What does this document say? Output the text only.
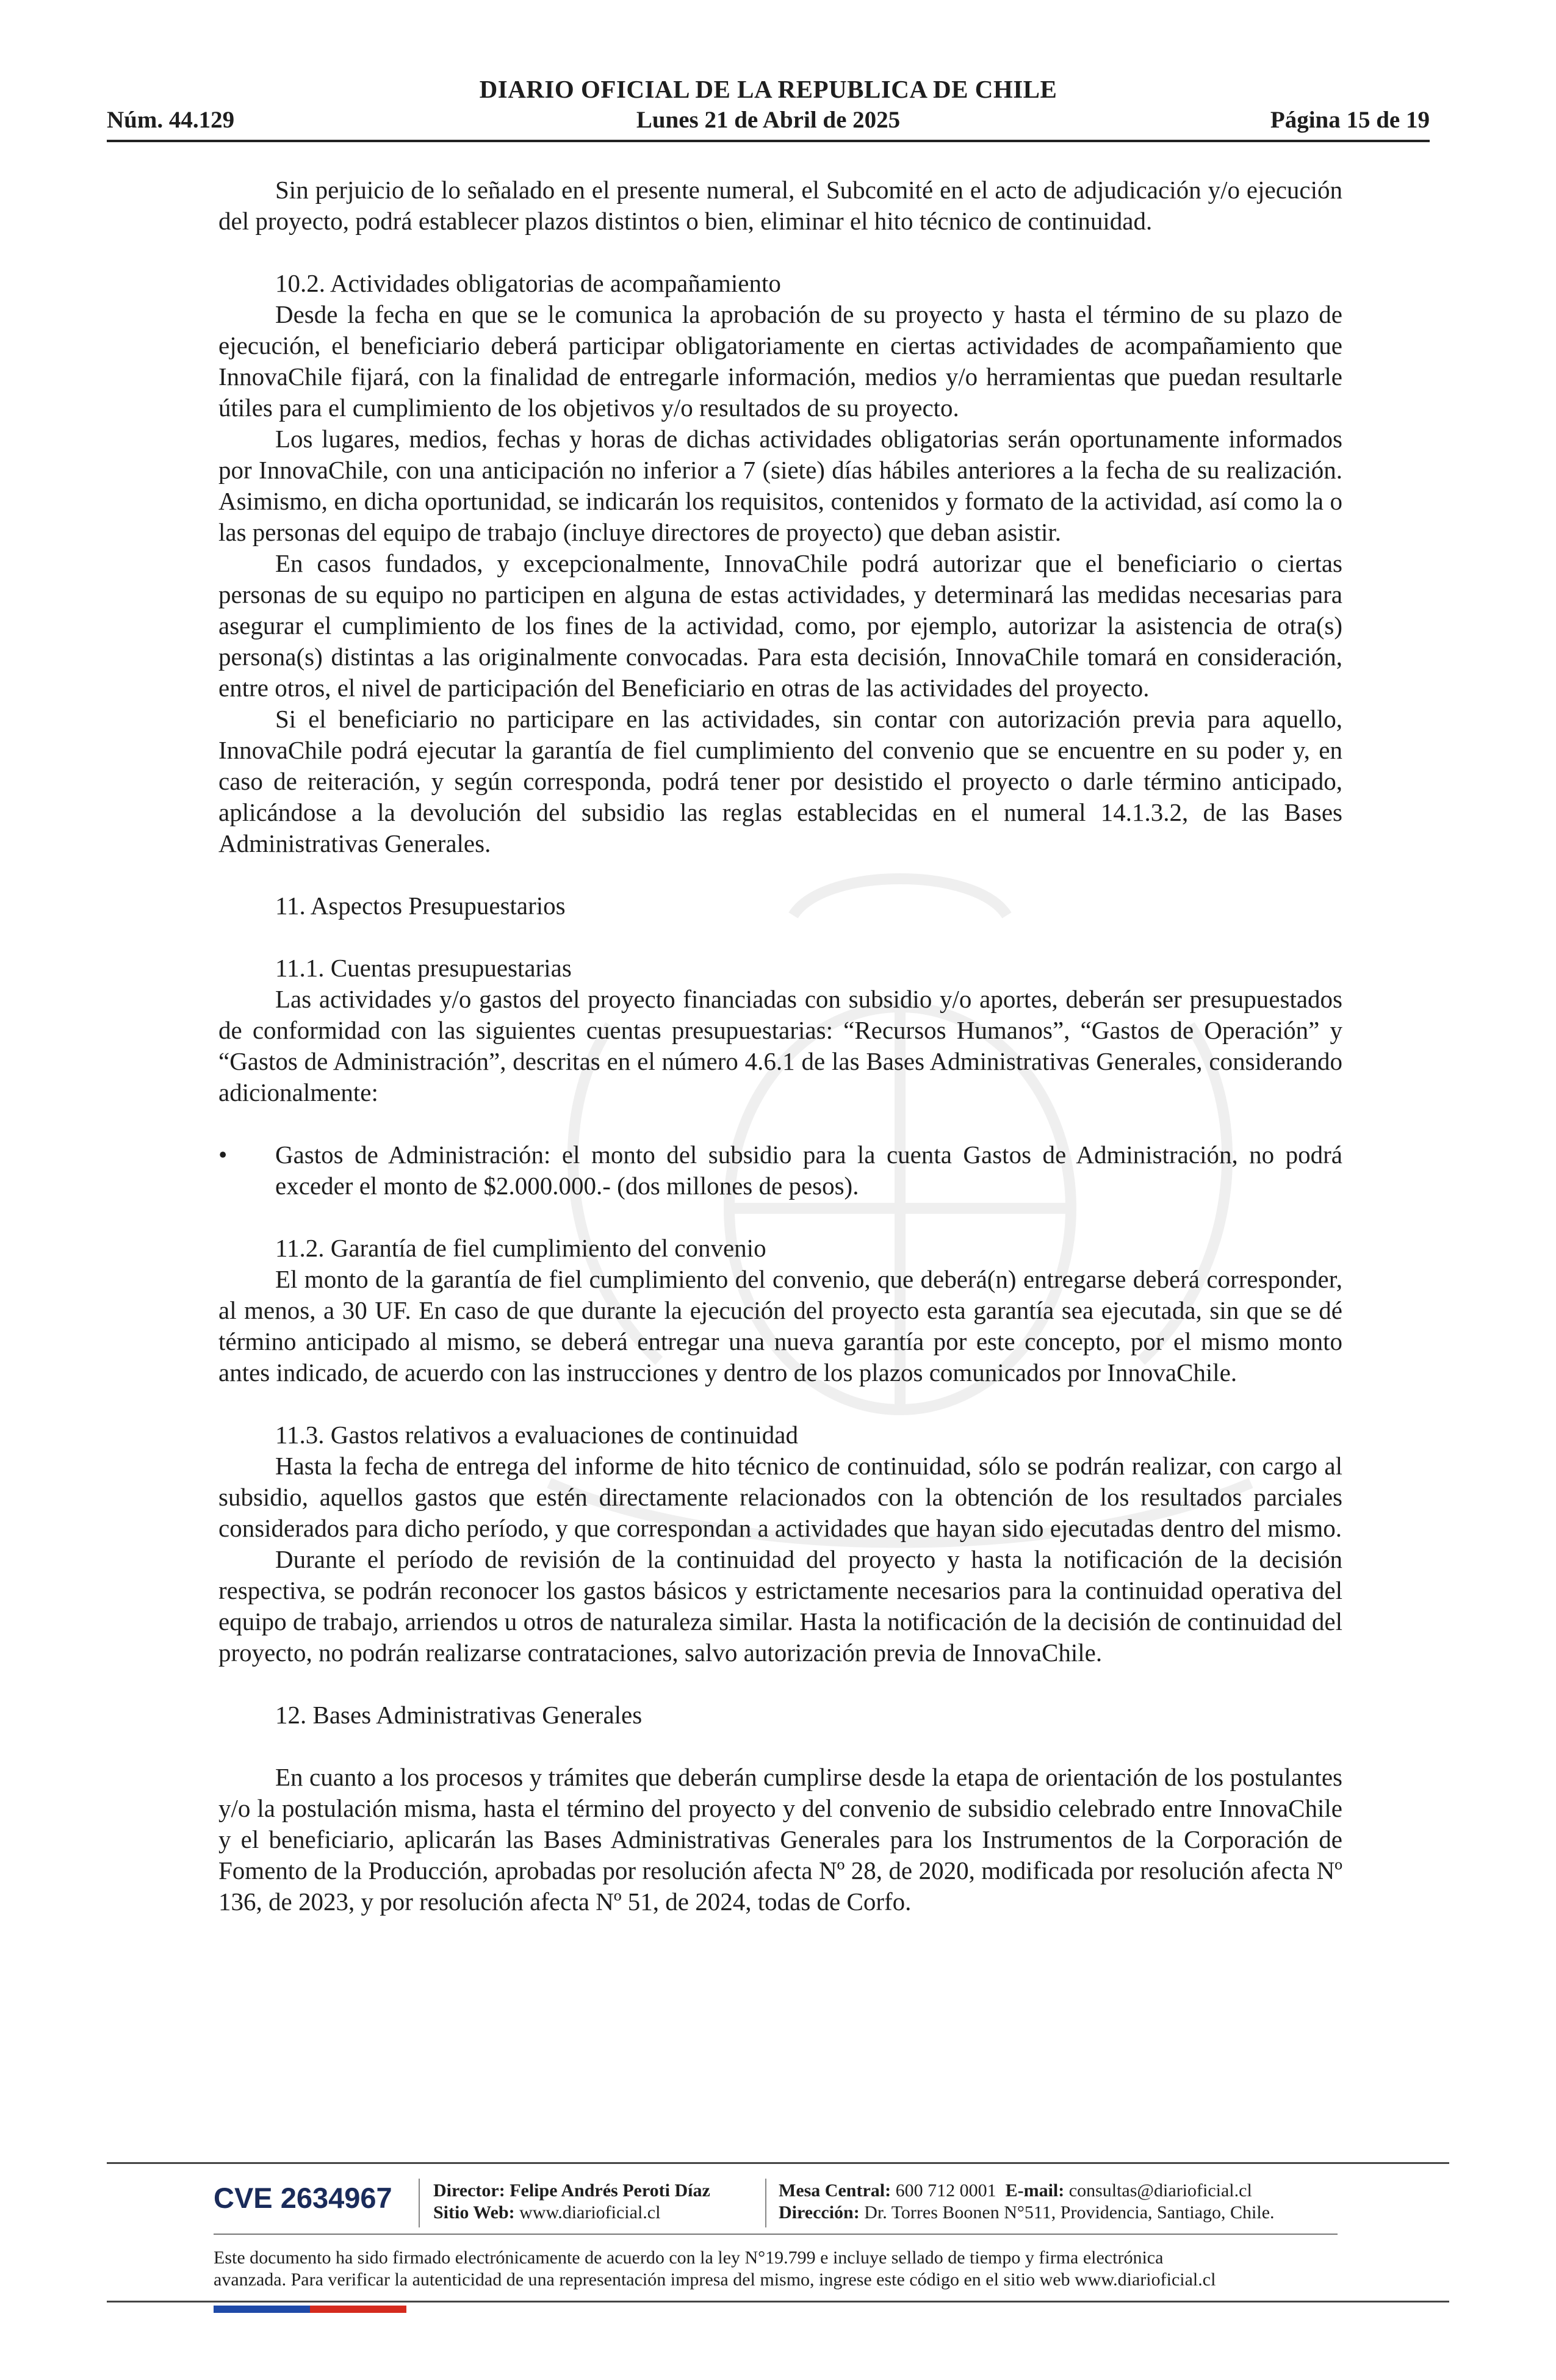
DIARIO OFICIAL DE LA REPUBLICA DE CHILE
Núm. 44.129	Lunes 21 de Abril de 2025	Página 15 de 19

Sin perjuicio de lo señalado en el presente numeral, el Subcomité en el acto de adjudicación y/o ejecución del proyecto, podrá establecer plazos distintos o bien, eliminar el hito técnico de continuidad.

10.2. Actividades obligatorias de acompañamiento

Desde la fecha en que se le comunica la aprobación de su proyecto y hasta el término de su plazo de ejecución, el beneficiario deberá participar obligatoriamente en ciertas actividades de acompañamiento que InnovaChile fijará, con la finalidad de entregarle información, medios y/o herramientas que puedan resultarle útiles para el cumplimiento de los objetivos y/o resultados de su proyecto.

Los lugares, medios, fechas y horas de dichas actividades obligatorias serán oportunamente informados por InnovaChile, con una anticipación no inferior a 7 (siete) días hábiles anteriores a la fecha de su realización. Asimismo, en dicha oportunidad, se indicarán los requisitos, contenidos y formato de la actividad, así como la o las personas del equipo de trabajo (incluye directores de proyecto) que deban asistir.

En casos fundados, y excepcionalmente, InnovaChile podrá autorizar que el beneficiario o ciertas personas de su equipo no participen en alguna de estas actividades, y determinará las medidas necesarias para asegurar el cumplimiento de los fines de la actividad, como, por ejemplo, autorizar la asistencia de otra(s) persona(s) distintas a las originalmente convocadas. Para esta decisión, InnovaChile tomará en consideración, entre otros, el nivel de participación del Beneficiario en otras de las actividades del proyecto.

Si el beneficiario no participare en las actividades, sin contar con autorización previa para aquello, InnovaChile podrá ejecutar la garantía de fiel cumplimiento del convenio que se encuentre en su poder y, en caso de reiteración, y según corresponda, podrá tener por desistido el proyecto o darle término anticipado, aplicándose a la devolución del subsidio las reglas establecidas en el numeral 14.1.3.2, de las Bases Administrativas Generales.

11. Aspectos Presupuestarios

11.1. Cuentas presupuestarias

Las actividades y/o gastos del proyecto financiadas con subsidio y/o aportes, deberán ser presupuestados de conformidad con las siguientes cuentas presupuestarias: “Recursos Humanos”, “Gastos de Operación” y “Gastos de Administración”, descritas en el número 4.6.1 de las Bases Administrativas Generales, considerando adicionalmente:

• Gastos de Administración: el monto del subsidio para la cuenta Gastos de Administración, no podrá exceder el monto de $2.000.000.- (dos millones de pesos).

11.2. Garantía de fiel cumplimiento del convenio

El monto de la garantía de fiel cumplimiento del convenio, que deberá(n) entregarse deberá corresponder, al menos, a 30 UF. En caso de que durante la ejecución del proyecto esta garantía sea ejecutada, sin que se dé término anticipado al mismo, se deberá entregar una nueva garantía por este concepto, por el mismo monto antes indicado, de acuerdo con las instrucciones y dentro de los plazos comunicados por InnovaChile.

11.3. Gastos relativos a evaluaciones de continuidad

Hasta la fecha de entrega del informe de hito técnico de continuidad, sólo se podrán realizar, con cargo al subsidio, aquellos gastos que estén directamente relacionados con la obtención de los resultados parciales considerados para dicho período, y que correspondan a actividades que hayan sido ejecutadas dentro del mismo.

Durante el período de revisión de la continuidad del proyecto y hasta la notificación de la decisión respectiva, se podrán reconocer los gastos básicos y estrictamente necesarios para la continuidad operativa del equipo de trabajo, arriendos u otros de naturaleza similar. Hasta la notificación de la decisión de continuidad del proyecto, no podrán realizarse contrataciones, salvo autorización previa de InnovaChile.

12. Bases Administrativas Generales

En cuanto a los procesos y trámites que deberán cumplirse desde la etapa de orientación de los postulantes y/o la postulación misma, hasta el término del proyecto y del convenio de subsidio celebrado entre InnovaChile y el beneficiario, aplicarán las Bases Administrativas Generales para los Instrumentos de la Corporación de Fomento de la Producción, aprobadas por resolución afecta Nº 28, de 2020, modificada por resolución afecta Nº 136, de 2023, y por resolución afecta Nº 51, de 2024, todas de Corfo.

CVE 2634967 Director: Felipe Andrés Peroti Díaz
Sitio Web: www.diarioficial.cl
Mesa Central: 600 712 0001 E-mail: consultas@diarioficial.cl
Dirección: Dr. Torres Boonen N°511, Providencia, Santiago, Chile.
Este documento ha sido firmado electrónicamente de acuerdo con la ley N°19.799 e incluye sellado de tiempo y firma electrónica
avanzada. Para verificar la autenticidad de una representación impresa del mismo, ingrese este código en el sitio web www.diarioficial.cl
